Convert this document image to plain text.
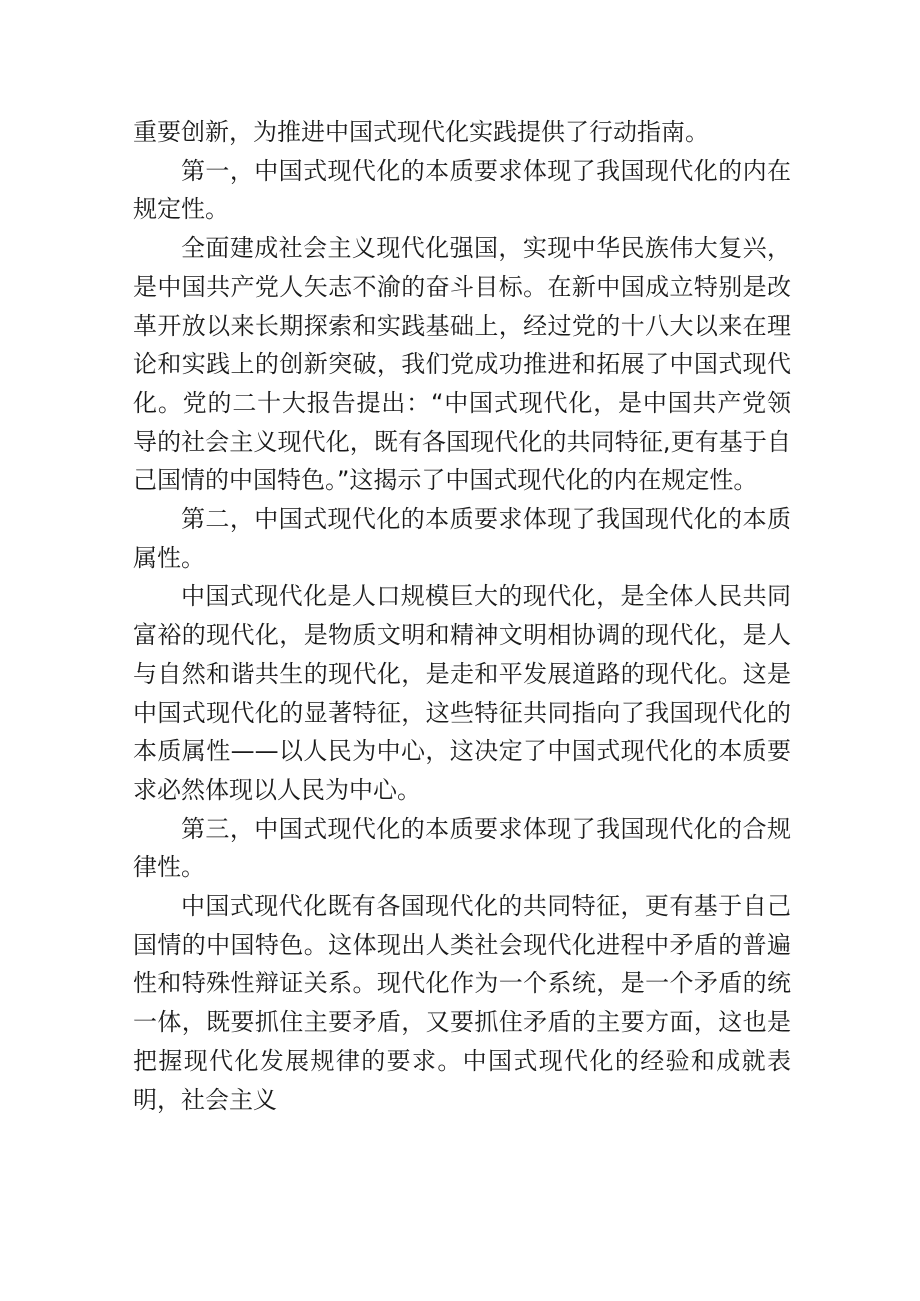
重要创新，为推进中国式现代化实践提供了行动指南。

第一，中国式现代化的本质要求体现了我国现代化的内在规定性。

全面建成社会主义现代化强国，实现中华民族伟大复兴，是中国共产党人矢志不渝的奋斗目标。在新中国成立特别是改革开放以来长期探索和实践基础上，经过党的十八大以来在理论和实践上的创新突破，我们党成功推进和拓展了中国式现代化。党的二十大报告提出：“中国式现代化，是中国共产党领导的社会主义现代化，既有各国现代化的共同特征,更有基于自己国情的中国特色。”这揭示了中国式现代化的内在规定性。

第二，中国式现代化的本质要求体现了我国现代化的本质属性。

中国式现代化是人口规模巨大的现代化，是全体人民共同富裕的现代化，是物质文明和精神文明相协调的现代化，是人与自然和谐共生的现代化，是走和平发展道路的现代化。这是中国式现代化的显著特征，这些特征共同指向了我国现代化的本质属性——以人民为中心，这决定了中国式现代化的本质要求必然体现以人民为中心。

第三，中国式现代化的本质要求体现了我国现代化的合规律性。

中国式现代化既有各国现代化的共同特征，更有基于自己国情的中国特色。这体现出人类社会现代化进程中矛盾的普遍性和特殊性辩证关系。现代化作为一个系统，是一个矛盾的统一体，既要抓住主要矛盾，又要抓住矛盾的主要方面，这也是把握现代化发展规律的要求。中国式现代化的经验和成就表明，社会主义
